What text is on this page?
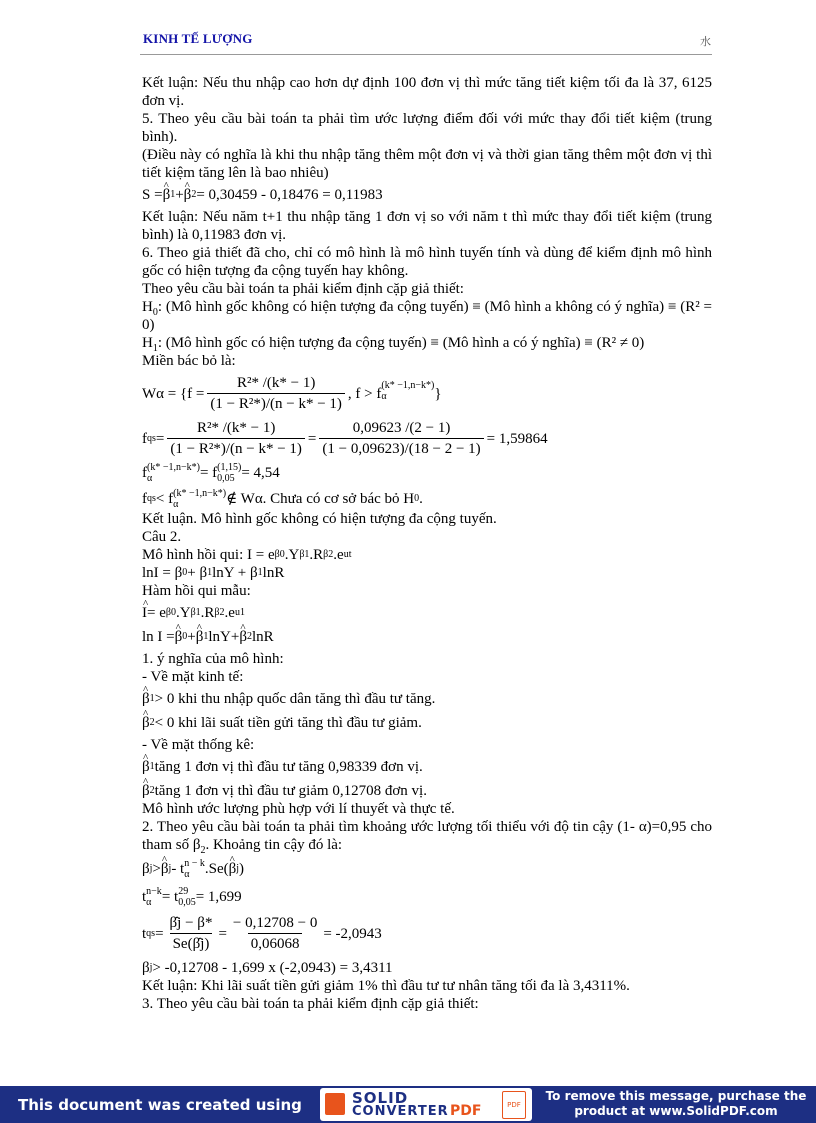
KINH TẾ LƯỢNG	水

Kết luận: Nếu thu nhập cao hơn dự định 100 đơn vị thì mức tăng tiết kiệm tối đa là 37, 6125 đơn vị.

5. Theo yêu cầu bài toán ta phải tìm ước lượng điểm đối với mức thay đổi tiết kiệm (trung bình).

(Điều này có nghĩa là khi thu nhập tăng thêm một đơn vị và thời gian tăng thêm một đơn vị thì tiết kiệm tăng lên là bao nhiêu)

S = ^ β 1 + ^ β 2 = 0,30459 - 0,18476 = 0,11983

Kết luận: Nếu năm t+1 thu nhập tăng 1 đơn vị so với năm t thì mức thay đổi tiết kiệm (trung bình) là 0,11983 đơn vị.

6. Theo giả thiết đã cho, chỉ có mô hình là mô hình tuyến tính và dùng để kiểm định mô hình gốc có hiện tượng đa cộng tuyến hay không.

Theo yêu cầu bài toán ta phải kiểm định cặp giả thiết:

$H_0$: (Mô hình gốc không có hiện tượng đa cộng tuyến) ≡ (Mô hình a không có ý nghĩa) ≡ (R² = 0)

$H_1$: (Mô hình gốc có hiện tượng đa cộng tuyến) ≡ (Mô hình a có ý nghĩa) ≡ (R² ≠ 0)

Miền bác bỏ là:

$W\alpha = \{f = \frac{\text{R²* /(k* − 1)}}{\text{(1 − R²*)/(n − k* − 1)}}$ , f > f
(k* −1,n−k*)
α	}
f qs = $\frac{\text{R²* /(k* − 1)}}{\text{(1 − R²*)/(n − k* − 1)}} = \frac{0,09623 /(2 - 1)}{(1 - 0,09623)/(18 - 2 - 1)} = 1,59864$
f (k* −1,n−k*)
α	= f (1,15)
0,05 = 4,54
f qs < f (k* −1,n−k*)
α	∉ Wα. Chưa có cơ sở bác bỏ H 0 .

Kết luận. Mô hình gốc không có hiện tượng đa cộng tuyến.

Câu 2.

Mô hình hồi qui: I = e β0 .Y β1 .R β2 .e ut
lnI = β 0 + β 1 lnY + β 1 lnR

Hàm hồi qui mẫu:

^ I = e β0 .Y β1 .R β2 .e u1
ln I = ^ β 0 + ^ β 1 lnY+ ^ β 2 lnR

1. ý nghĩa của mô hình:

- Về mặt kinh tế:

^ β 1 > 0 khi thu nhập quốc dân tăng thì đầu tư tăng.
^ β 2 < 0 khi lãi suất tiền gửi tăng thì đầu tư giảm.

- Về mặt thống kê:

^ β 1 tăng 1 đơn vị thì đầu tư tăng 0,98339 đơn vị.
^ β 2 tăng 1 đơn vị thì đầu tư giảm 0,12708 đơn vị.

Mô hình ước lượng phù hợp với lí thuyết và thực tế.

2. Theo yêu cầu bài toán ta phải tìm khoảng ước lượng tối thiểu với độ tin cậy (1- α)=0,95 cho tham số $\beta_2$. Khoảng tin cậy đó là:

β j > ^ β j - t n − k
α	.Se( ^ β j )
t n−k
α = t 29
0,05 = 1,699
t qs = $\frac{\betâj - \beta*}{Se(\betâj)} = \frac{- 0,12708 - 0}{0,06068} = -2,0943$
β j > -0,12708 - 1,699 x (-2,0943) = 3,4311

Kết luận: Khi lãi suất tiền gửi giảm 1% thì đầu tư tư nhân tăng tối đa là 3,4311%.

3. Theo yêu cầu bài toán ta phải kiểm định cặp giả thiết:

This document was created using	SOLID
CONVERTER PDF	PDF
To remove this message, purchase the
product at www.SolidPDF.com
